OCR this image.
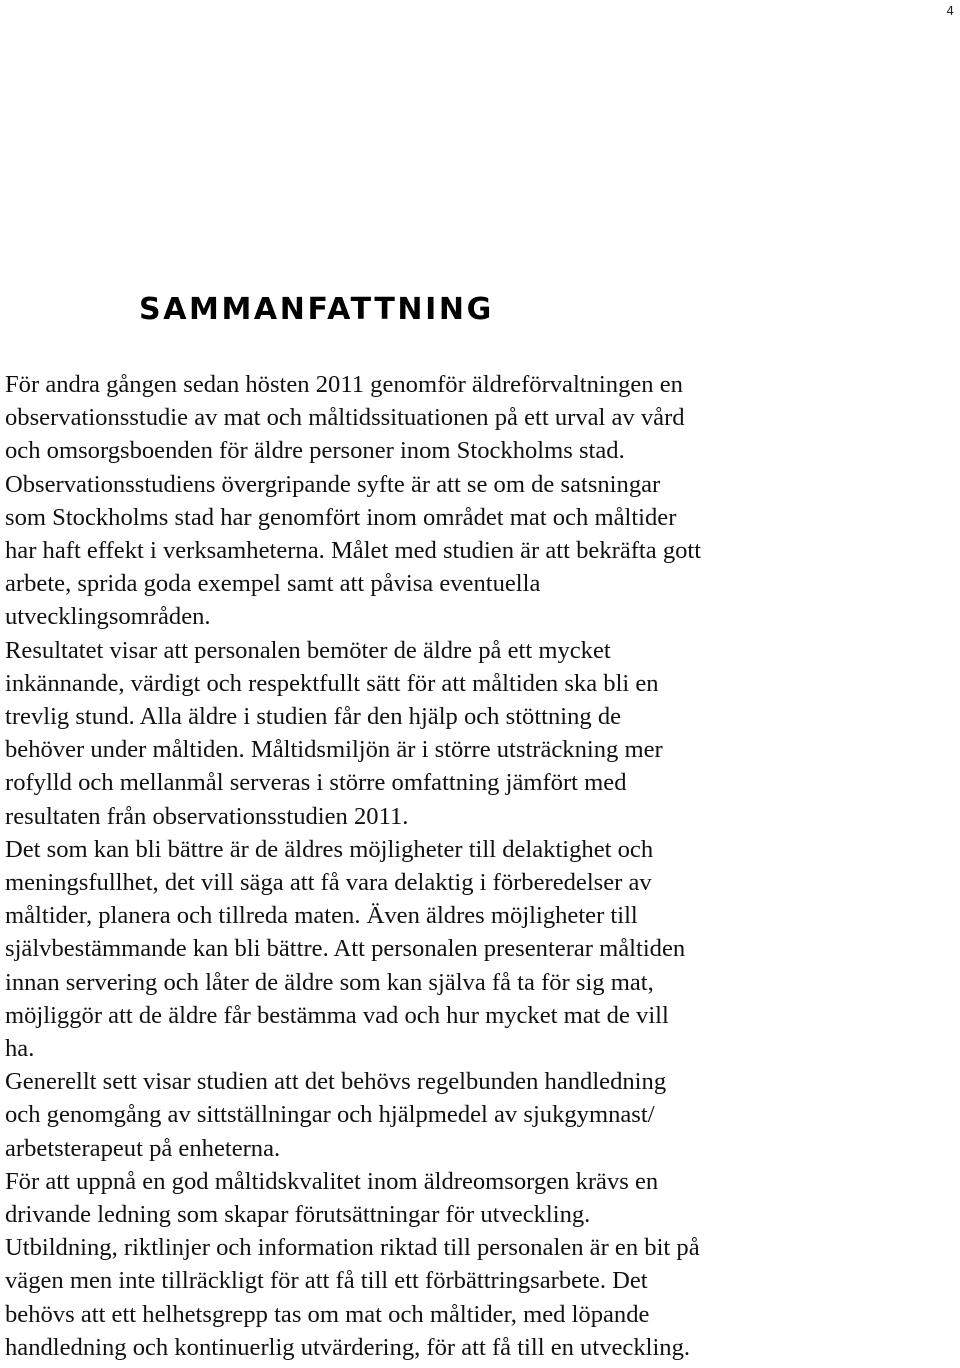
4
SAMMANFATTNING
För andra gången sedan hösten 2011 genomför äldreförvaltningen en
observationsstudie av mat och måltidssituationen på ett urval av vård
och omsorgsboenden för äldre personer inom Stockholms stad.
Observationsstudiens övergripande syfte är att se om de satsningar
som Stockholms stad har genomfört inom området mat och måltider
har haft effekt i verksamheterna. Målet med studien är att bekräfta gott
arbete, sprida goda exempel samt att påvisa eventuella
utvecklingsområden.
Resultatet visar att personalen bemöter de äldre på ett mycket
inkännande, värdigt och respektfullt sätt för att måltiden ska bli en
trevlig stund. Alla äldre i studien får den hjälp och stöttning de
behöver under måltiden. Måltidsmiljön är i större utsträckning mer
rofylld och mellanmål serveras i större omfattning jämfört med
resultaten från observationsstudien 2011.
Det som kan bli bättre är de äldres möjligheter till delaktighet och
meningsfullhet, det vill säga att få vara delaktig i förberedelser av
måltider, planera och tillreda maten. Även äldres möjligheter till
självbestämmande kan bli bättre. Att personalen presenterar måltiden
innan servering och låter de äldre som kan själva få ta för sig mat,
möjliggör att de äldre får bestämma vad och hur mycket mat de vill
ha.
Generellt sett visar studien att det behövs regelbunden handledning
och genomgång av sittställningar och hjälpmedel av sjukgymnast/
arbetsterapeut på enheterna.
För att uppnå en god måltidskvalitet inom äldreomsorgen krävs en
drivande ledning som skapar förutsättningar för utveckling.
Utbildning, riktlinjer och information riktad till personalen är en bit på
vägen men inte tillräckligt för att få till ett förbättringsarbete. Det
behövs att ett helhetsgrepp tas om mat och måltider, med löpande
handledning och kontinuerlig utvärdering, för att få till en utveckling.
